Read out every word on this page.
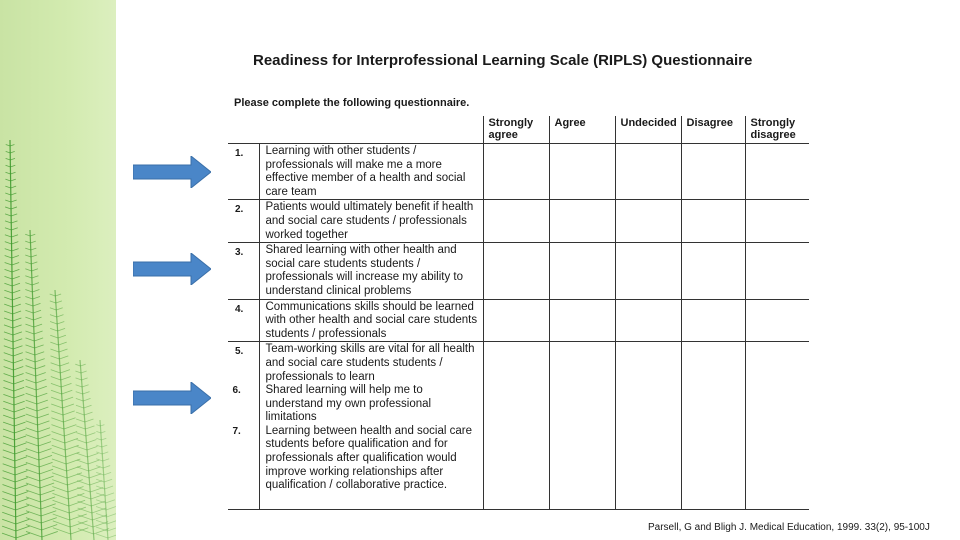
Readiness for Interprofessional Learning Scale (RIPLS) Questionnaire
Please complete the following questionnaire.
		Strongly agree	Agree	Undecided	Disagree	Strongly disagree
1.	Learning with other students / professionals will make me a more effective member of a health and social care team					

2.	Patients would ultimately benefit if health and social care students / professionals worked together					

3.	Shared learning with other health and social care students students / professionals will increase my ability to understand clinical problems					

4.	Communications skills should be learned with other health and social care students students / professionals					

5.	Team-working skills are vital for all health and social care students students / professionals to learn
6. Shared learning will help me to understand my own professional limitations
7. Learning between health and social care students before qualification and for professionals after qualification would improve working relationships after qualification / collaborative practice.					

Parsell, G and Bligh J. Medical Education, 1999. 33(2), 95-100J
